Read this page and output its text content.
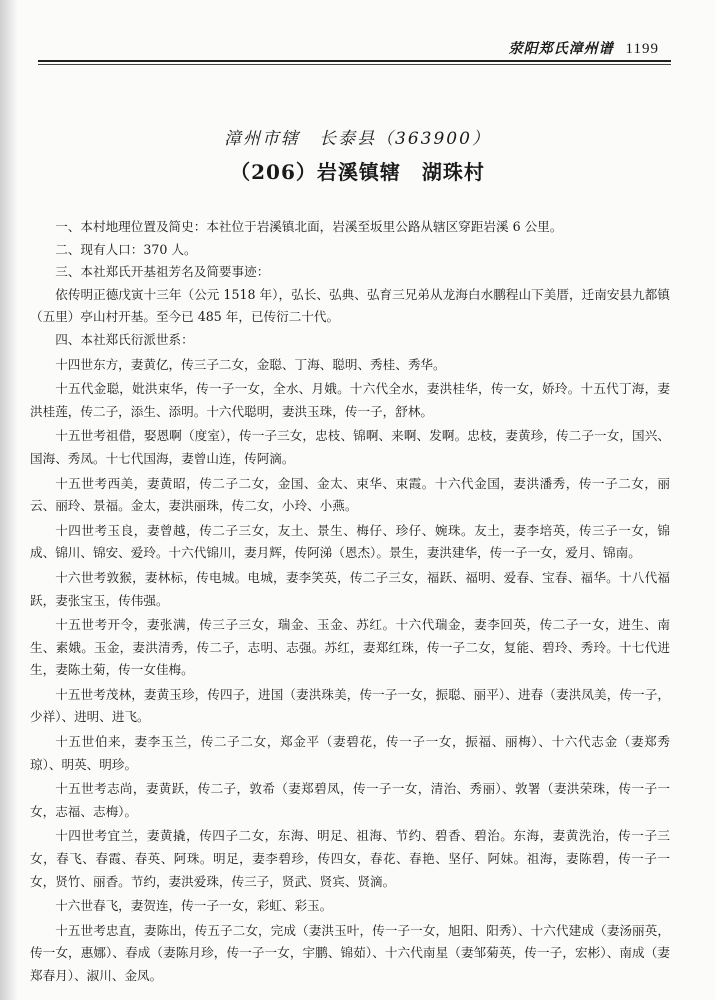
荥阳郑氏漳州谱 1199
漳州市辖　长泰县（363900）
（206）岩溪镇辖　湖珠村

一、本村地理位置及简史：本社位于岩溪镇北面，岩溪至坂里公路从辖区穿距岩溪 6 公里。

二、现有人口：370 人。

三、本社郑氏开基祖芳名及简要事迹：

依传明正德戊寅十三年（公元 1518 年），弘长、弘典、弘育三兄弟从龙海白水鹏程山下美厝，迁南安县九都镇（五里）亭山村开基。至今已 485 年，已传衍二十代。

四、本社郑氏衍派世系：

十四世东方，妻黄亿，传三子二女，金聪、丁海、聪明、秀桂、秀华。

十五代金聪，妣洪束华，传一子一女，全水、月娥。十六代全水，妻洪桂华，传一女，娇玲。十五代丁海，妻洪桂莲，传二子，添生、添明。十六代聪明，妻洪玉珠，传一子，舒林。

十五世考祖借，娶恩啊（度室），传一子三女，忠枝、锦啊、来啊、发啊。忠枝，妻黄珍，传二子一女，国兴、国海、秀凤。十七代国海，妻曾山连，传阿滴。

十五世考西美，妻黄昭，传二子二女，金国、金太、束华、束霞。十六代金国，妻洪潘秀，传一子二女，丽云、丽玲、景福。金太，妻洪丽珠，传二女，小玲、小燕。

十四世考玉良，妻曾越，传二子三女，友土、景生、梅仔、珍仔、婉珠。友土，妻李培英，传三子一女，锦成、锦川、锦安、爱玲。十六代锦川，妻月辉，传阿涕（恩杰）。景生，妻洪建华，传一子一女，爱月、锦南。

十六世考敦猴，妻林标，传电城。电城，妻李笑英，传二子三女，福跃、福明、爱春、宝春、福华。十八代福跃，妻张宝玉，传伟强。

十五世考开令，妻张满，传三子三女，瑞金、玉金、苏红。十六代瑞金，妻李回英，传二子一女，进生、南生、素娥。玉金，妻洪清秀，传二子，志明、志强。苏红，妻郑红珠，传一子二女，复能、碧玲、秀玲。十七代进生，妻陈土菊，传一女佳梅。

十五世考茂林，妻黄玉珍，传四子，进国（妻洪珠美，传一子一女，振聪、丽平）、进春（妻洪凤美，传一子，少祥）、进明、进飞。

十五世伯来，妻李玉兰，传二子二女，郑金平（妻碧花，传一子一女，振福、丽梅）、十六代志金（妻郑秀琼）、明英、明珍。

十五世考志尚，妻黄跃，传二子，敦希（妻郑碧凤，传一子一女，清治、秀丽）、敦署（妻洪荣珠，传一子一女，志福、志梅）。

十四世考宜兰，妻黄撬，传四子二女，东海、明足、祖海、节约、碧香、碧治。东海，妻黄洗治，传一子三女，春飞、春霞、春英、阿珠。明足，妻李碧珍，传四女，春花、春艳、坚仔、阿妹。祖海，妻陈碧，传一子一女，贤竹、丽香。节约，妻洪爱珠，传三子，贤武、贤宾、贤滴。

十六世春飞，妻贺连，传一子一女，彩虹、彩玉。

十五世考忠直，妻陈出，传五子二女，完成（妻洪玉叶，传一子一女，旭阳、阳秀）、十六代建成（妻汤丽英，传一女，惠娜）、春成（妻陈月珍，传一子一女，宇鹏、锦茹）、十六代南星（妻邹菊英，传一子，宏彬）、南成（妻郑春月）、淑川、金凤。
